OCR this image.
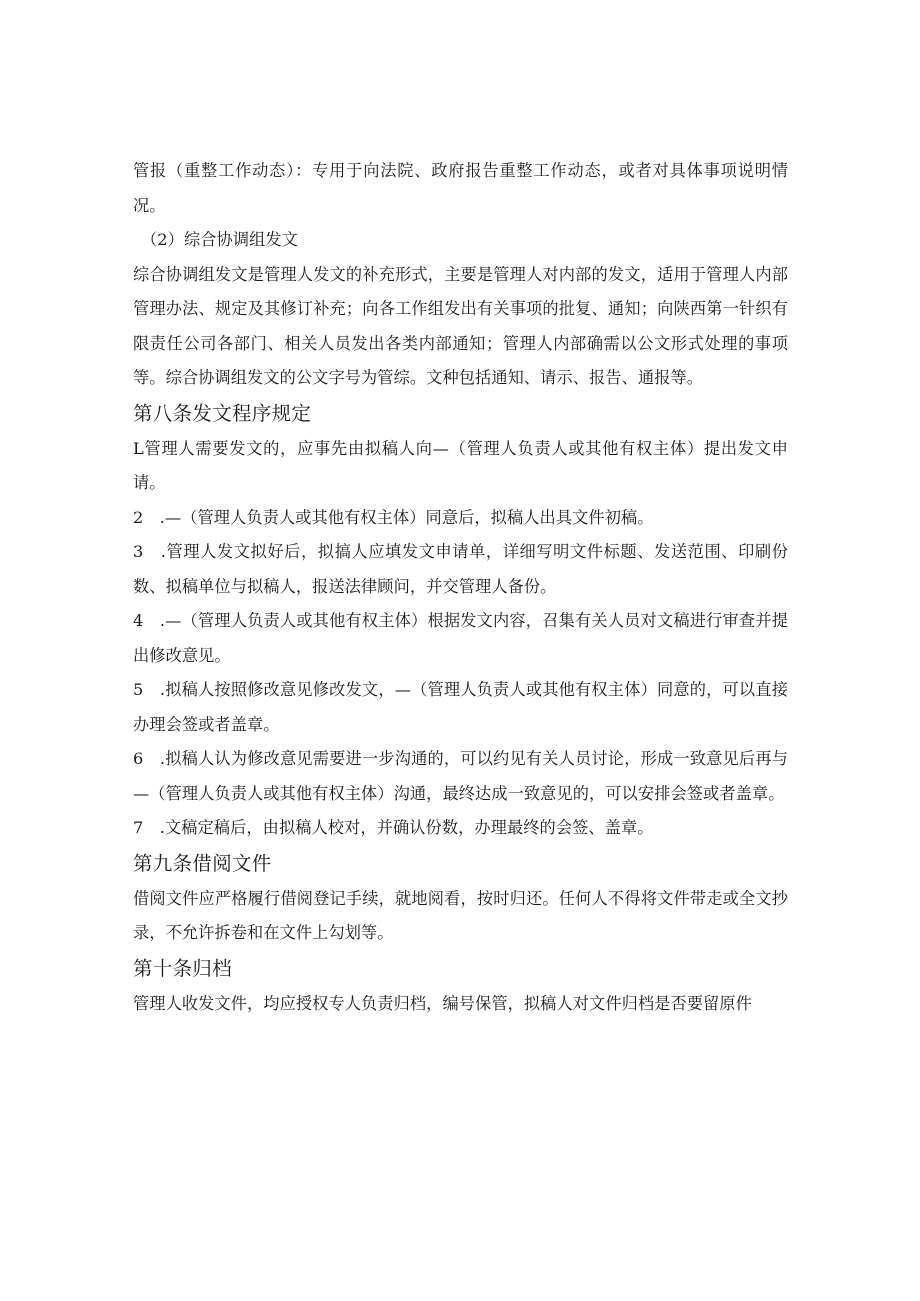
管报（重整工作动态）：专用于向法院、政府报告重整工作动态，或者对具体事项说明情况。

（2）综合协调组发文

综合协调组发文是管理人发文的补充形式，主要是管理人对内部的发文，适用于管理人内部管理办法、规定及其修订补充；向各工作组发出有关事项的批复、通知；向陕西第一针织有限责任公司各部门、相关人员发出各类内部通知；管理人内部确需以公文形式处理的事项等。综合协调组发文的公文字号为管综。文种包括通知、请示、报告、通报等。

第八条发文程序规定

L管理人需要发文的，应事先由拟稿人向—（管理人负责人或其他有权主体）提出发文申请。

2　.—（管理人负责人或其他有权主体）同意后，拟稿人出具文件初稿。

3　.管理人发文拟好后，拟搞人应填发文申请单，详细写明文件标题、发送范围、印刷份数、拟稿单位与拟稿人，报送法律顾问，并交管理人备份。

4　.—（管理人负责人或其他有权主体）根据发文内容，召集有关人员对文稿进行审查并提出修改意见。

5　.拟稿人按照修改意见修改发文，—（管理人负责人或其他有权主体）同意的，可以直接办理会签或者盖章。

6　.拟稿人认为修改意见需要进一步沟通的，可以约见有关人员讨论，形成一致意见后再与—（管理人负责人或其他有权主体）沟通，最终达成一致意见的，可以安排会签或者盖章。

7　.文稿定稿后，由拟稿人校对，并确认份数，办理最终的会签、盖章。

第九条借阅文件

借阅文件应严格履行借阅登记手续，就地阅看，按时归还。任何人不得将文件带走或全文抄录，不允许拆卷和在文件上勾划等。

第十条归档

管理人收发文件，均应授权专人负责归档，编号保管，拟稿人对文件归档是否要留原件
